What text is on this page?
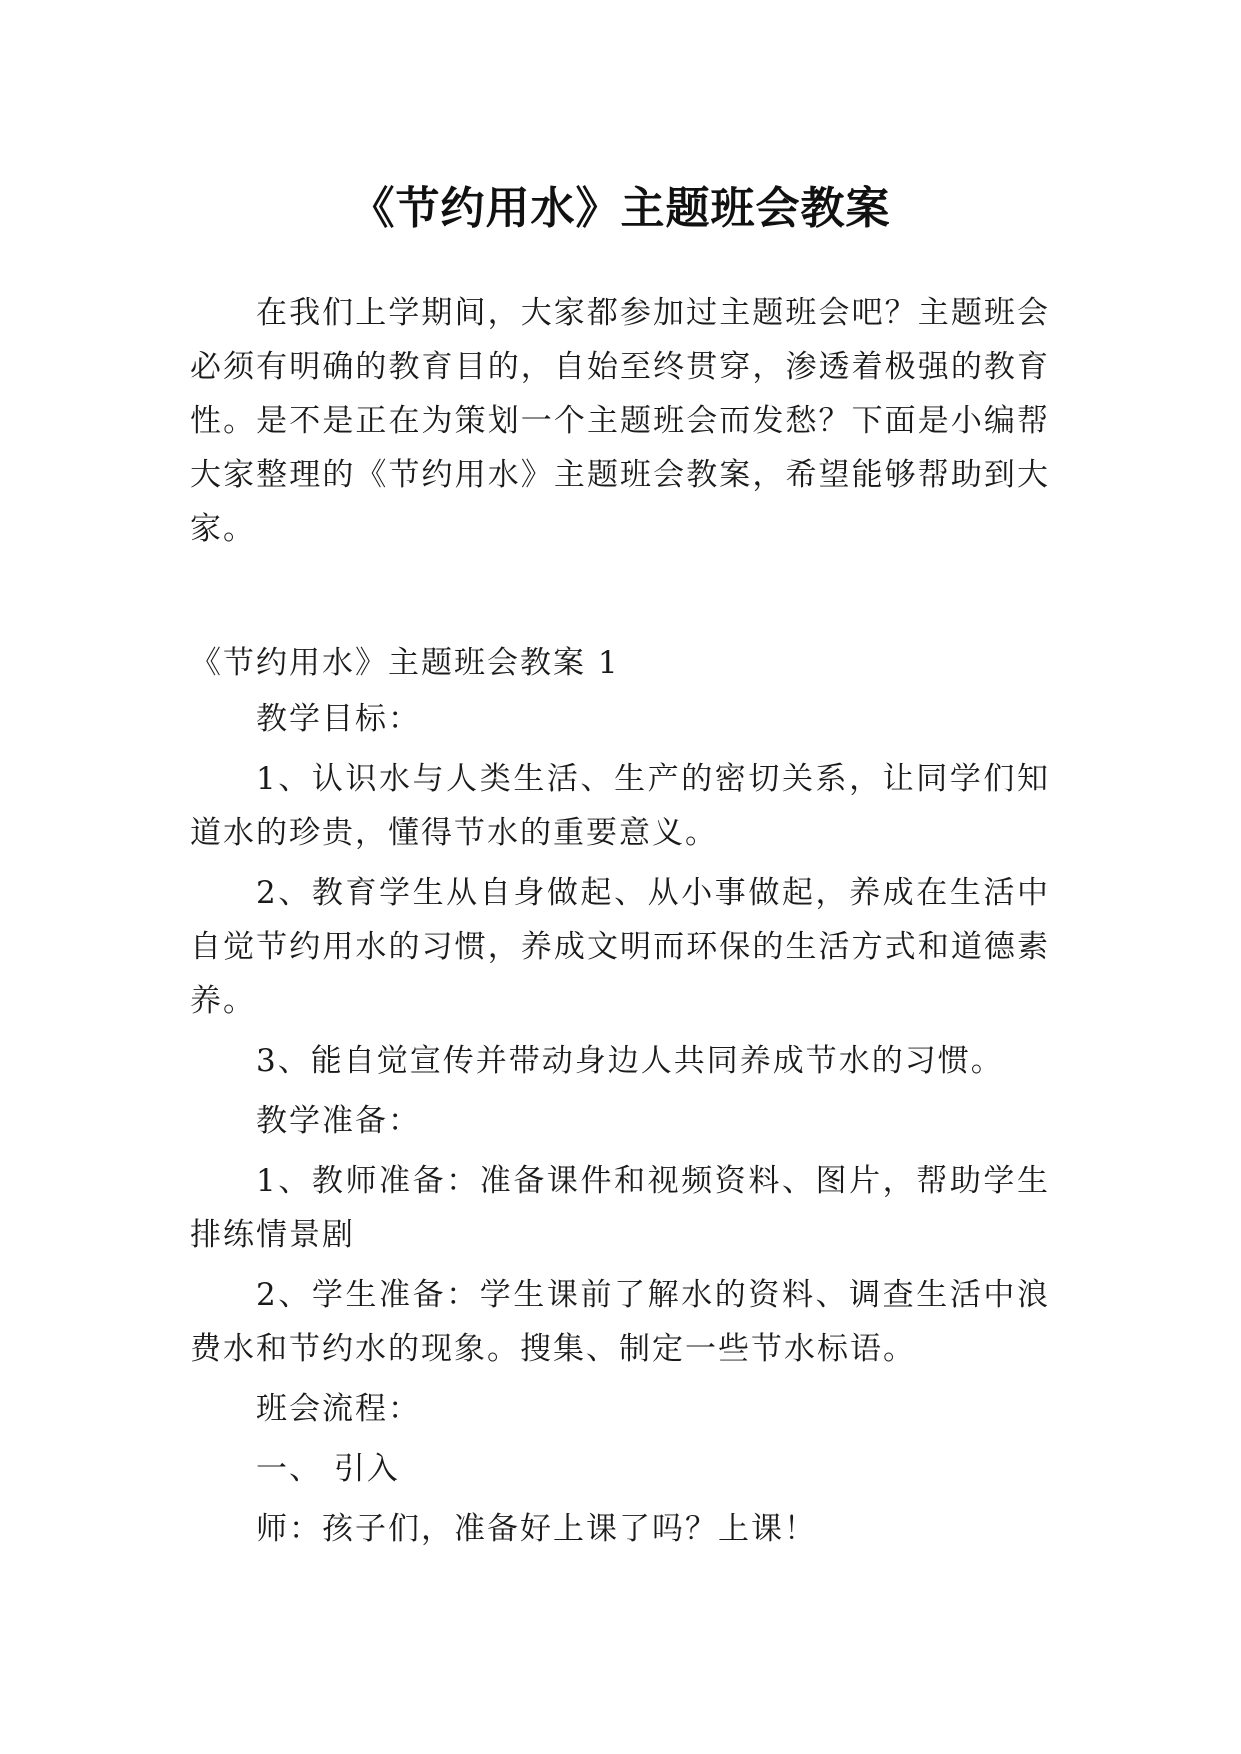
《节约用水》主题班会教案

在我们上学期间，大家都参加过主题班会吧？主题班会必须有明确的教育目的，自始至终贯穿，渗透着极强的教育性。是不是正在为策划一个主题班会而发愁？下面是小编帮大家整理的《节约用水》主题班会教案，希望能够帮助到大家。

《节约用水》主题班会教案 1

教学目标：

1、认识水与人类生活、生产的密切关系，让同学们知道水的珍贵，懂得节水的重要意义。

2、教育学生从自身做起、从小事做起，养成在生活中自觉节约用水的习惯，养成文明而环保的生活方式和道德素养。

3、能自觉宣传并带动身边人共同养成节水的习惯。

教学准备：

1、教师准备：准备课件和视频资料、图片，帮助学生排练情景剧

2、学生准备：学生课前了解水的资料、调查生活中浪费水和节约水的现象。搜集、制定一些节水标语。

班会流程：

一、 引入

师：孩子们，准备好上课了吗？上课！
